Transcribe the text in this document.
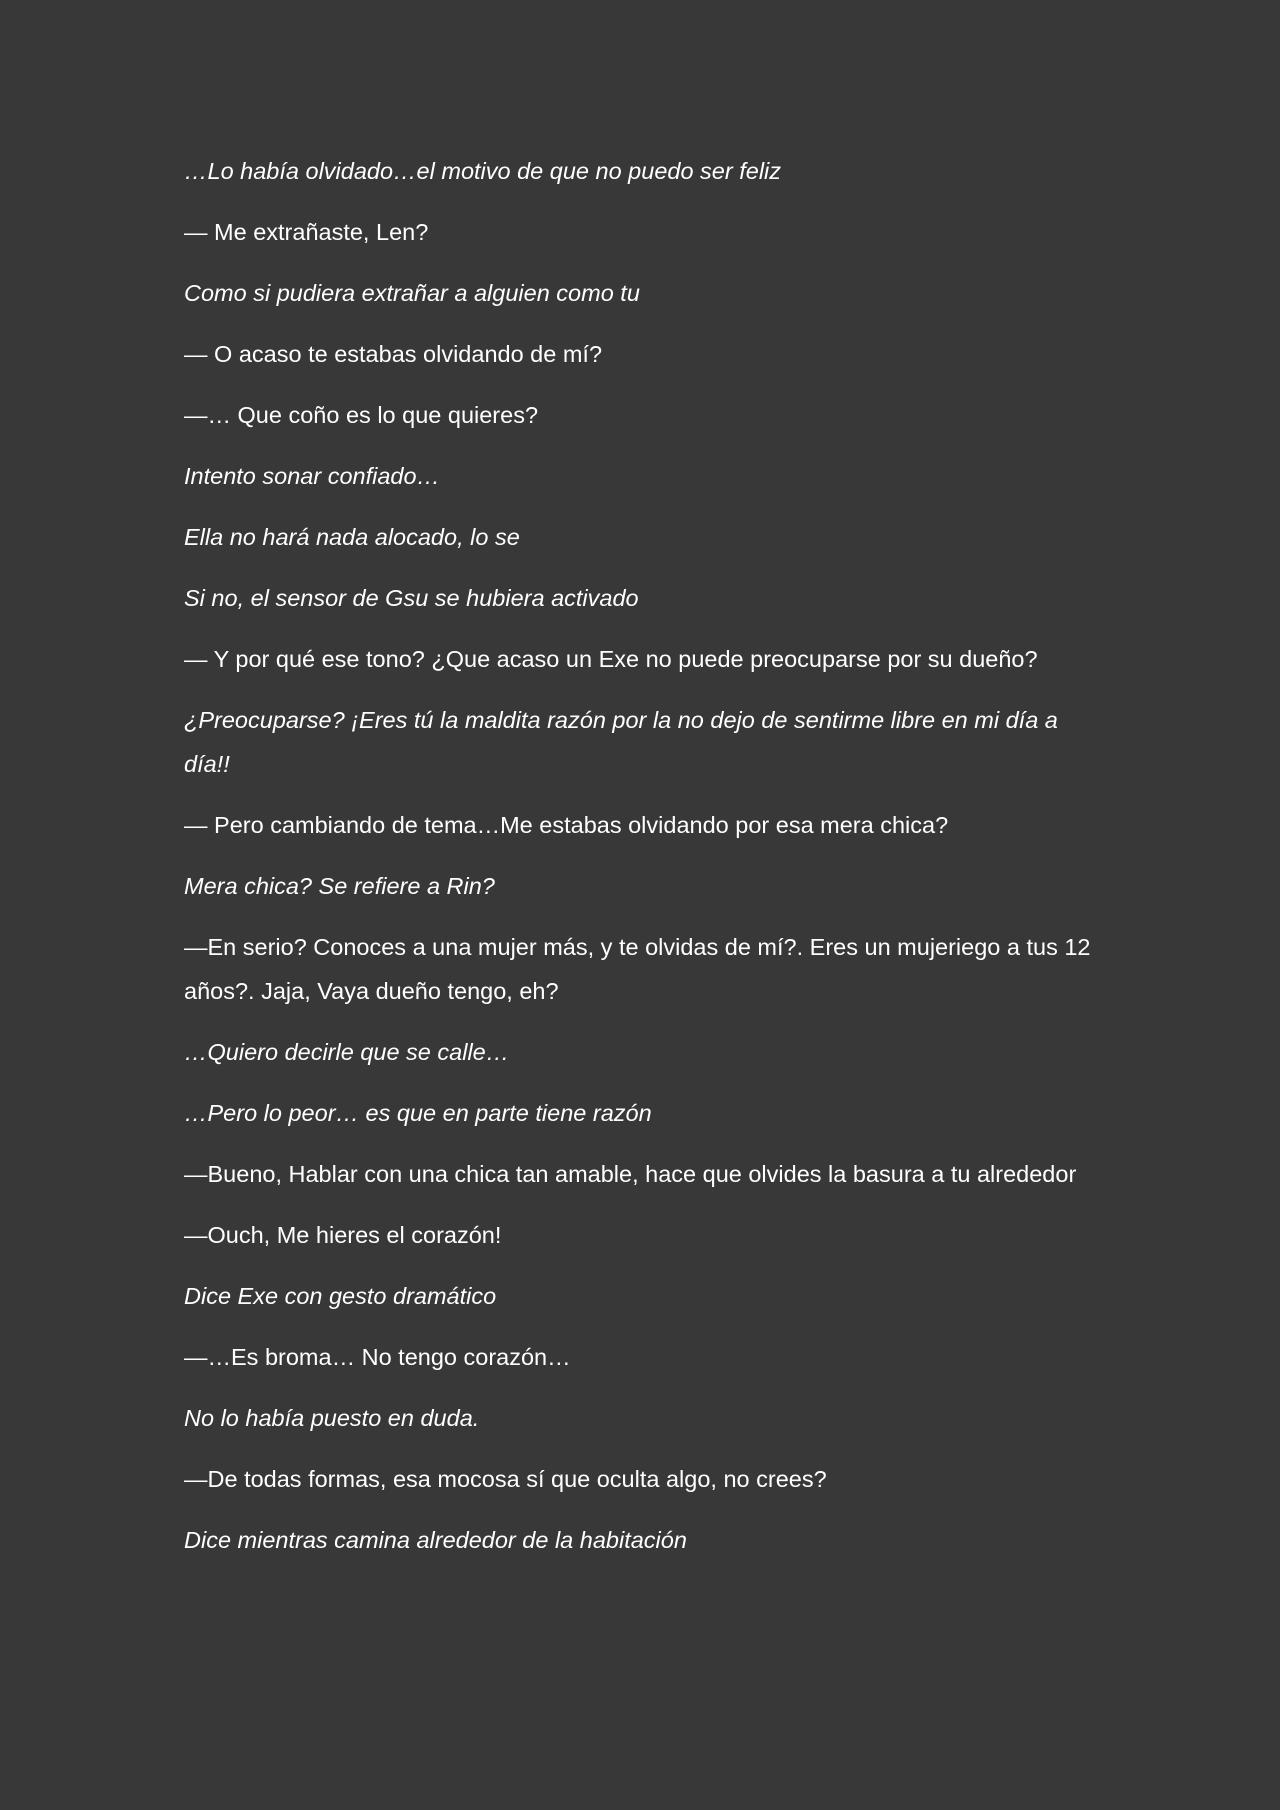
…Lo había olvidado…el motivo de que no puedo ser feliz

— Me extrañaste, Len?

Como si pudiera extrañar a alguien como tu

— O acaso te estabas olvidando de mí?

—… Que coño es lo que quieres?

Intento sonar confiado…

Ella no hará nada alocado, lo se

Si no, el sensor de Gsu se hubiera activado

— Y por qué ese tono? ¿Que acaso un Exe no puede preocuparse por su dueño?

¿Preocuparse? ¡Eres tú la maldita razón por la no dejo de sentirme libre en mi día a día!!

— Pero cambiando de tema…Me estabas olvidando por esa mera chica?

Mera chica? Se refiere a Rin?

—En serio? Conoces a una mujer más, y te olvidas de mí?. Eres un mujeriego a tus 12 años?. Jaja, Vaya dueño tengo, eh?

…Quiero decirle que se calle…

…Pero lo peor… es que en parte tiene razón

—Bueno, Hablar con una chica tan amable, hace que olvides la basura a tu alrededor

—Ouch, Me hieres el corazón!

Dice Exe con gesto dramático

—…Es broma… No tengo corazón…

No lo había puesto en duda.

—De todas formas, esa mocosa sí que oculta algo, no crees?

Dice mientras camina alrededor de la habitación
